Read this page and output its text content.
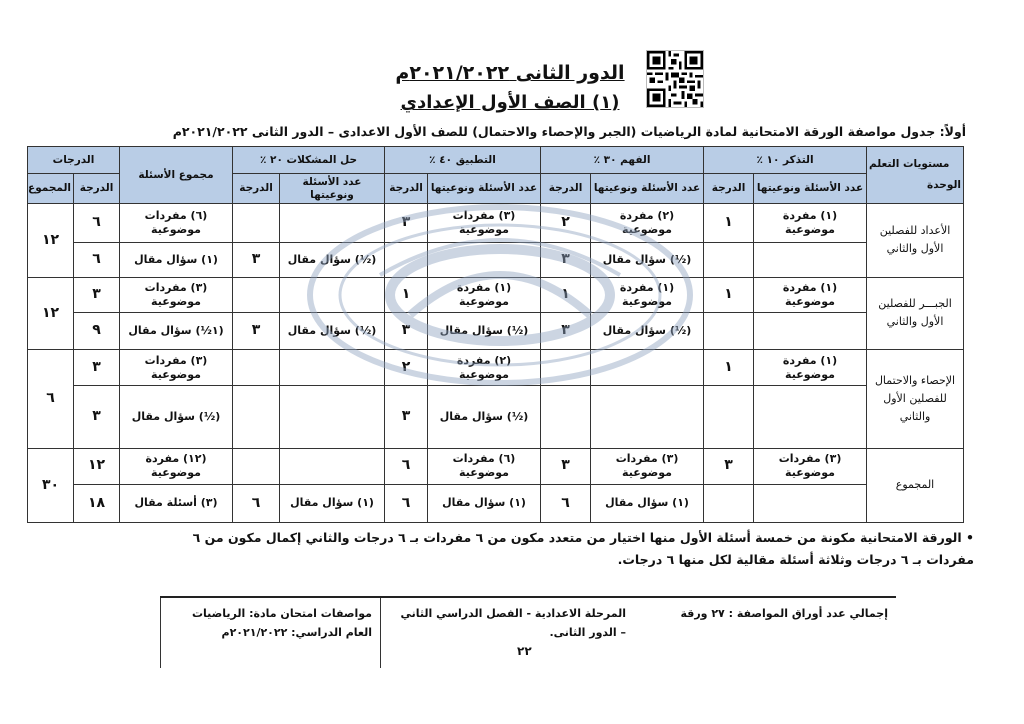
الدور الثانى ٢٠٢١/٢٠٢٢م
(١) الصف الأول الإعدادي
أولاً: جدول مواصفة الورقة الامتحانية لمادة الرياضيات (الجبر والإحصاء والاحتمال) للصف الأول الاعدادى – الدور الثانى ٢٠٢١/٢٠٢٢م
مستويات التعلم
الوحدة	التذكر ١٠ ٪		الفهم ٣٠ ٪		التطبيق ٤٠ ٪		حل المشكلات ٢٠ ٪		مجموع الأسئلة	الدرجات	
	عدد الأسئلة ونوعيتها	الدرجة	عدد الأسئلة ونوعيتها	الدرجة	عدد الأسئلة ونوعيتها	الدرجة	عدد الأسئلة ونوعيتها	الدرجة		الدرجة	المجموع
الأعداد للفصلين الأول والثاني	(١) مفردة موضوعية	١	(٢) مفردة موضوعية	٢	(٣) مفردات موضوعية	٣			(٦) مفردات موضوعية	٦	١٢
			(½) سؤال مقال	٣			(½) سؤال مقال	٣	(١) سؤال مقال	٦	
الجبـــر للفصلين الأول والثاني	(١) مفردة موضوعية	١	(١) مفردة موضوعية	١	(١) مفردة موضوعية	١			(٣) مفردات موضوعية	٣	١٢
			(½) سؤال مقال	٣	(½) سؤال مقال	٣	(½) سؤال مقال	٣	(١½) سؤال مقال	٩	
الإحصاء والاحتمال للفصلين الأول والثاني	(١) مفردة موضوعية	١			(٢) مفردة موضوعية	٢			(٣) مفردات موضوعية	٣	٦
					(½) سؤال مقال	٣			(½) سؤال مقال	٣	
المجموع	(٣) مفردات موضوعية	٣	(٣) مفردات موضوعية	٣	(٦) مفردات موضوعية	٦			(١٢) مفردة موضوعية	١٢	٣٠
			(١) سؤال مقال	٦	(١) سؤال مقال	٦	(١) سؤال مقال	٦	(٣) أسئلة مقال	١٨	
• الورقة الامتحانية مكونة من خمسة أسئلة الأول منها اختيار من متعدد مكون من ٦ مفردات بـ ٦ درجات والثاني إكمال مكون من ٦ مفردات بـ ٦ درجات وثلاثة أسئلة مقالية لكل منها ٦ درجات.
مواصفات امتحان مادة: الرياضيات
العام الدراسي: ٢٠٢١/٢٠٢٢م
المرحلة الاعدادية - الفصل الدراسي الثاني
– الدور الثانى.
إجمالي عدد أوراق المواصفة : ٢٧ ورقة
٢٢
